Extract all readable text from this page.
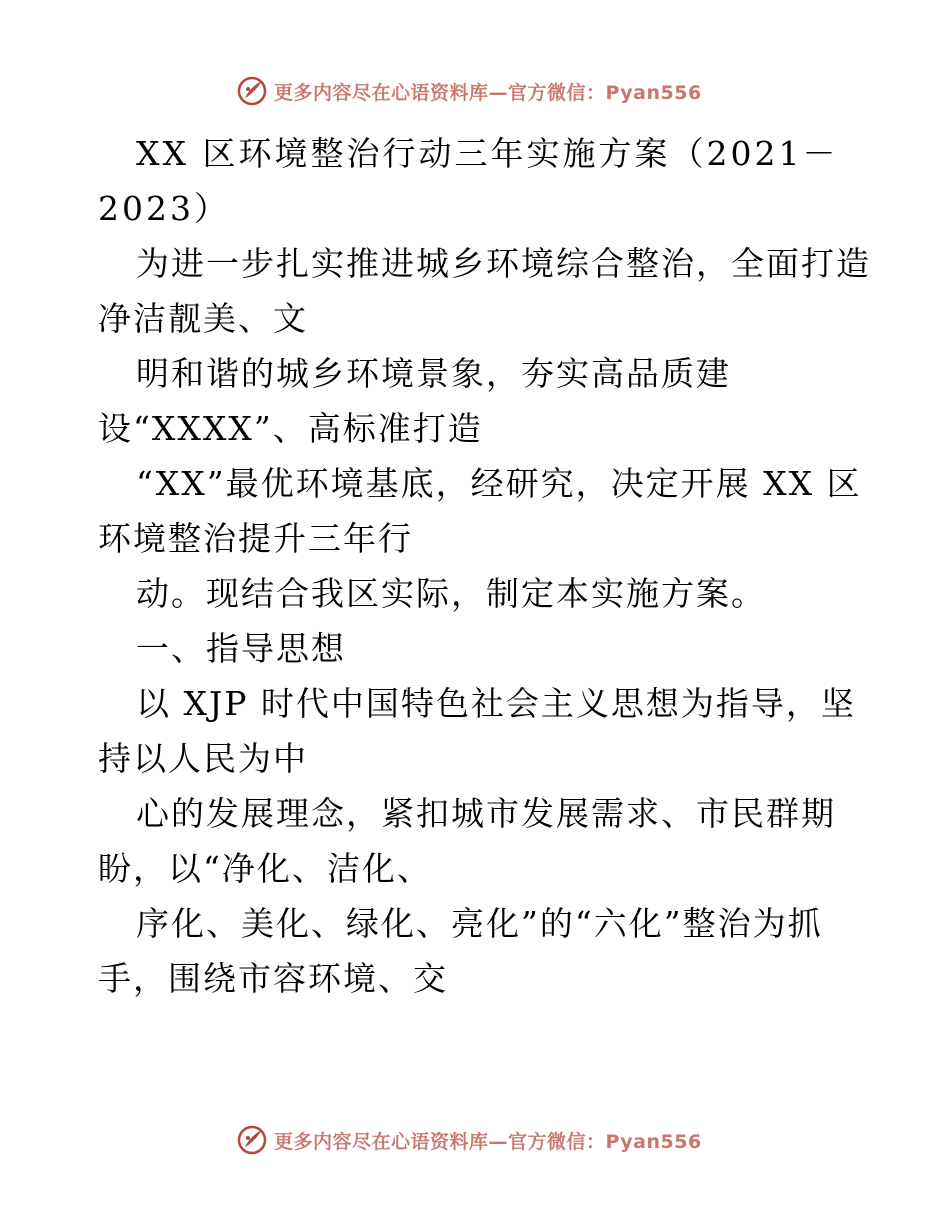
更多内容尽在心语资料库—官方微信：Pyan556
XX 区环境整治行动三年实施方案（2021－
2023）
为进一步扎实推进城乡环境综合整治，全面打造
净洁靓美、文
明和谐的城乡环境景象，夯实高品质建
设“XXXX”、高标准打造
“XX”最优环境基底，经研究，决定开展 XX 区
环境整治提升三年行
动。现结合我区实际，制定本实施方案。
一、指导思想
以 XJP 时代中国特色社会主义思想为指导，坚
持以人民为中
心的发展理念，紧扣城市发展需求、市民群期
盼，以“净化、洁化、
序化、美化、绿化、亮化”的“六化”整治为抓
手，围绕市容环境、交
更多内容尽在心语资料库—官方微信：Pyan556
